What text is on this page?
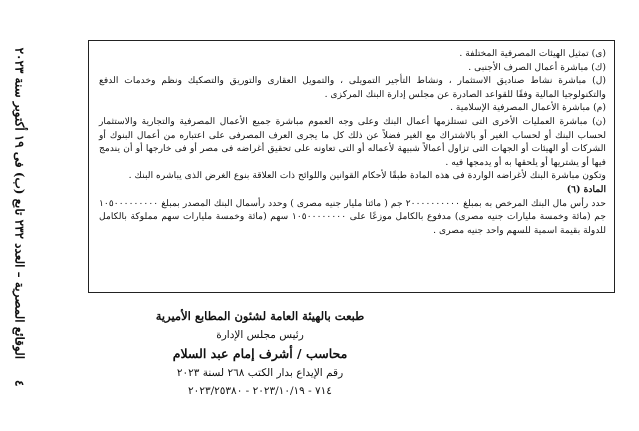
٤     الوقائع المصرية – العدد ٢٣٢ تابع (ب) فى ١٩ أكتوبر سنة ٢٠٢٣

(ى) تمثيل الهيئات المصرفية المختلفة .

(ك) مباشرة أعمال الصرف الأجنبى .

(ل) مباشرة نشاط صناديق الاستثمار ، ونشاط التأجير التمويلى ، والتمويل العقارى والتوريق والتصكيك ونظم وخدمات الدفع والتكنولوجيا المالية وفقًا للقواعد الصادرة عن مجلس إدارة البنك المركزى .

(م) مباشرة الأعمال المصرفية الإسلامية .

(ن) مباشرة العمليات الأخرى التى تستلزمها أعمال البنك وعلى وجه العموم مباشرة جميع الأعمال المصرفية والتجارية والاستثمار لحساب البنك أو لحساب الغير أو بالاشتراك مع الغير فضلاً عن ذلك كل ما يجرى العرف المصرفى على اعتباره من أعمال البنوك أو الشركات أو الهيئات أو الجهات التى تزاول أعمالاً شبيهة لأعماله أو التى تعاونه على تحقيق أغراضه فى مصر أو فى خارجها أو أن يندمج فيها أو يشتريها أو يلحقها به أو يدمجها فيه .

وتكون مباشرة البنك لأغراضه الواردة فى هذه المادة طبقًا لأحكام القوانين واللوائح ذات العلاقة بنوع الغرض الذى يباشره البنك .

المادة (٦)

حدد رأس مال البنك المرخص به بمبلغ ٢٠٠٠٠٠٠٠٠٠٠ جم ( مائتا مليار جنيه مصرى ) وحدد رأسمال البنك المصدر بمبلغ ١٠٥٠٠٠٠٠٠٠٠٠ جم (مائة وخمسة مليارات جنيه مصرى) مدفوع بالكامل موزعًا على ١٠٥٠٠٠٠٠٠٠٠ سهم (مائة وخمسة مليارات سهم مملوكة بالكامل للدولة بقيمة اسمية للسهم واحد جنيه مصرى .

طبعت بالهيئة العامة لشئون المطابع الأميرية
رئيس مجلس الإدارة
محاسب / أشرف إمام عبد السلام
رقم الإيداع بدار الكتب ٢٦٨ لسنة ٢٠٢٣
٧١٤ - ٢٠٢٣/١٠/١٩ - ٢٠٢٣/٢٥٣٨٠
